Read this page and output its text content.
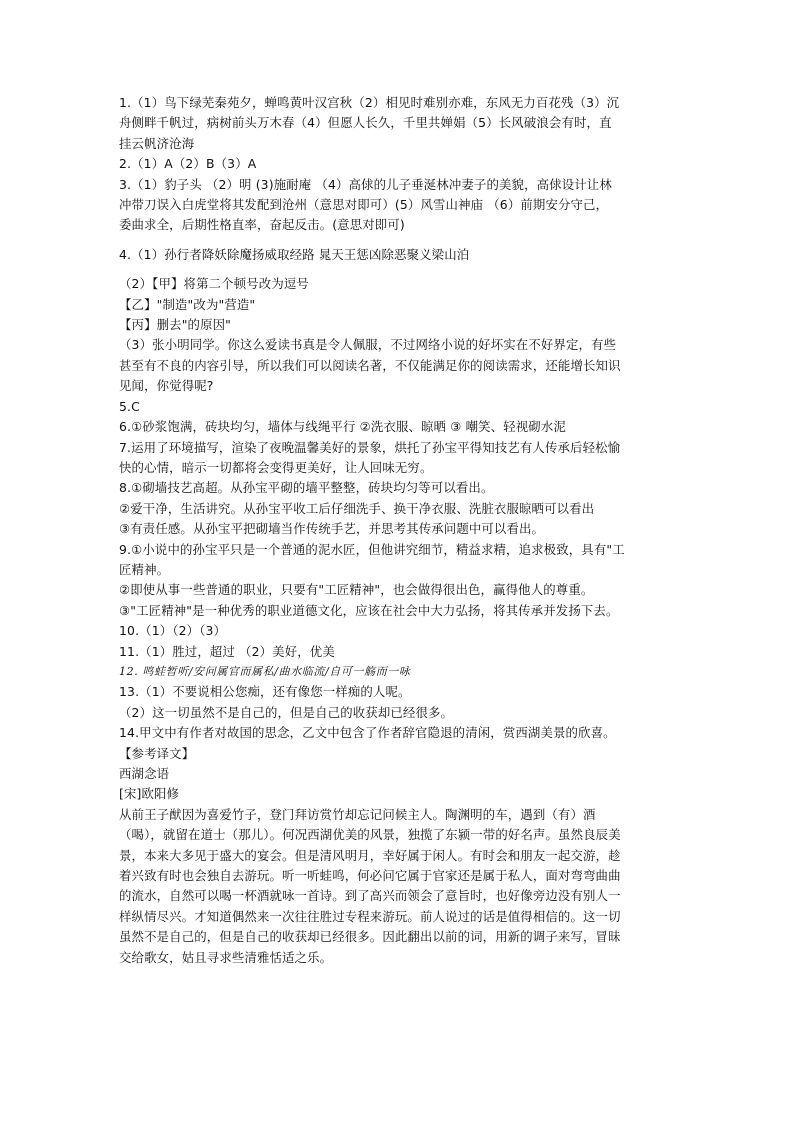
1.（1）鸟下绿芜秦苑夕，蝉鸣黄叶汉宫秋（2）相见时难别亦难，东风无力百花残（3）沉
舟侧畔千帆过，病树前头万木春（4）但愿人长久，千里共婵娟（5）长风破浪会有时，直
挂云帆济沧海
2.（1）A（2）B（3）A
3.（1）豹子头 （2）明 (3)施耐庵 （4）高俅的儿子垂涎林冲妻子的美貌，高俅设计让林
冲带刀误入白虎堂将其发配到沧州（意思对即可）(5）风雪山神庙 （6）前期安分守己，
委曲求全，后期性格直率，奋起反击。(意思对即可)
4.（1）孙行者降妖除魔扬威取经路 晁天王惩凶除恶聚义梁山泊
（2）【甲】将第二个顿号改为逗号
【乙】"制造"改为"营造"
【丙】删去"的原因"
（3）张小明同学。你这么爱读书真是令人佩服，不过网络小说的好坏实在不好界定，有些
甚至有不良的内容引导，所以我们可以阅读名著，不仅能满足你的阅读需求，还能增长知识
见闻，你觉得呢?
5.C
6.①砂浆饱满，砖块均匀，墙体与线绳平行 ②洗衣服、晾晒 ③ 嘲笑、轻视砌水泥
7.运用了环境描写，渲染了夜晚温馨美好的景象，烘托了孙宝平得知技艺有人传承后轻松愉
快的心情，暗示一切都将会变得更美好，让人回味无穷。
8.①砌墙技艺高超。从孙宝平砌的墙平整整，砖块均匀等可以看出。
②爱干净，生活讲究。从孙宝平收工后仔细洗手、换干净衣服、洗脏衣服晾晒可以看出
③有责任感。从孙宝平把砌墙当作传统手艺，并思考其传承问题中可以看出。
9.①小说中的孙宝平只是一个普通的泥水匠，但他讲究细节，精益求精，追求极致，具有"工
匠精神。
②即使从事一些普通的职业，只要有"工匠精神"，也会做得很出色，赢得他人的尊重。
③"工匠精神"是一种优秀的职业道德文化，应该在社会中大力弘扬，将其传承并发扬下去。
10.（1）（2）（3）
11.（1）胜过，超过 （2）美好，优美
12. 鸣蛙暂听/安问属官而属私/曲水临流/自可一觞而一咏
13.（1）不要说相公您痴，还有像您一样痴的人呢。
（2）这一切虽然不是自己的，但是自己的收获却已经很多。
14.甲文中有作者对故国的思念，乙文中包含了作者辞官隐退的清闲，赏西湖美景的欣喜。
【参考译文】
西湖念语
[宋]欧阳修
从前王子猷因为喜爱竹子，登门拜访赏竹却忘记问候主人。陶渊明的车，遇到（有）酒
（喝），就留在道士（那儿）。何况西湖优美的风景，独揽了东颍一带的好名声。虽然良辰美
景，本来大多见于盛大的宴会。但是清风明月，幸好属于闲人。有时会和朋友一起交游，趁
着兴致有时也会独自去游玩。听一听蛙鸣，何必问它属于官家还是属于私人，面对弯弯曲曲
的流水，自然可以喝一杯酒就咏一首诗。到了高兴而领会了意旨时，也好像旁边没有别人一
样纵情尽兴。才知道偶然来一次往往胜过专程来游玩。前人说过的话是值得相信的。这一切
虽然不是自己的，但是自己的收获却已经很多。因此翻出以前的词，用新的调子来写，冒昧
交给歌女，姑且寻求些清雅恬适之乐。
